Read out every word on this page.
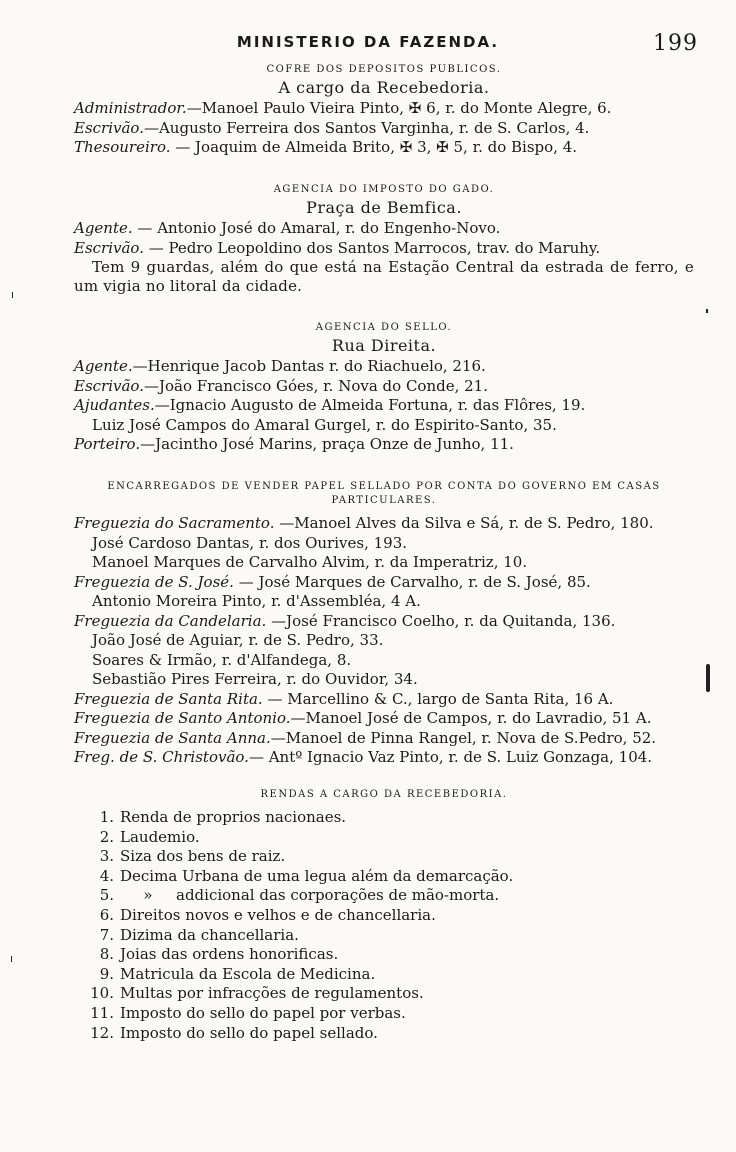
MINISTERIO DA FAZENDA.	199
COFRE DOS DEPOSITOS PUBLICOS.
A cargo da Recebedoria.
Administrador.—Manoel Paulo Vieira Pinto, ✠ 6, r. do Monte Alegre, 6.
Escrivão.—Augusto Ferreira dos Santos Varginha, r. de S. Carlos, 4.
Thesoureiro. — Joaquim de Almeida Brito, ✠ 3, ✠ 5, r. do Bispo, 4.
AGENCIA DO IMPOSTO DO GADO.
Praça de Bemfica.
Agente. — Antonio José do Amaral, r. do Engenho-Novo.
Escrivão. — Pedro Leopoldino dos Santos Marrocos, trav. do Maruhy.
Tem 9 guardas, além do que está na Estação Central da estrada de ferro, e um vigia no litoral da cidade.
AGENCIA DO SELLO.
Rua Direita.
Agente.—Henrique Jacob Dantas r. do Riachuelo, 216.
Escrivão.—João Francisco Góes, r. Nova do Conde, 21.
Ajudantes.—Ignacio Augusto de Almeida Fortuna, r. das Flôres, 19.
Luiz José Campos do Amaral Gurgel, r. do Espirito-Santo, 35.
Porteiro.—Jacintho José Marins, praça Onze de Junho, 11.
ENCARREGADOS DE VENDER PAPEL SELLADO POR CONTA DO GOVERNO EM CASAS PARTICULARES.
Freguezia do Sacramento. —Manoel Alves da Silva e Sá, r. de S. Pedro, 180.
José Cardoso Dantas, r. dos Ourives, 193.
Manoel Marques de Carvalho Alvim, r. da Imperatriz, 10.
Freguezia de S. José. — José Marques de Carvalho, r. de S. José, 85.
Antonio Moreira Pinto, r. d'Assembléa, 4 A.
Freguezia da Candelaria. —José Francisco Coelho, r. da Quitanda, 136.
João José de Aguiar, r. de S. Pedro, 33.
Soares & Irmão, r. d'Alfandega, 8.
Sebastião Pires Ferreira, r. do Ouvidor, 34.
Freguezia de Santa Rita. — Marcellino & C., largo de Santa Rita, 16 A.
Freguezia de Santo Antonio.—Manoel José de Campos, r. do Lavradio, 51 A.
Freguezia de Santa Anna.—Manoel de Pinna Rangel, r. Nova de S.Pedro, 52.
Freg. de S. Christovão.— Antº Ignacio Vaz Pinto, r. de S. Luiz Gonzaga, 104.
RENDAS A CARGO DA RECEBEDORIA.
1. Renda de proprios nacionaes.
2. Laudemio.
3. Siza dos bens de raiz.
4. Decima Urbana de uma legua além da demarcação.
5. » addicional das corporações de mão-morta.
6. Direitos novos e velhos e de chancellaria.
7. Dizima da chancellaria.
8. Joias das ordens honorificas.
9. Matricula da Escola de Medicina.
10. Multas por infracções de regulamentos.
11. Imposto do sello do papel por verbas.
12. Imposto do sello do papel sellado.
